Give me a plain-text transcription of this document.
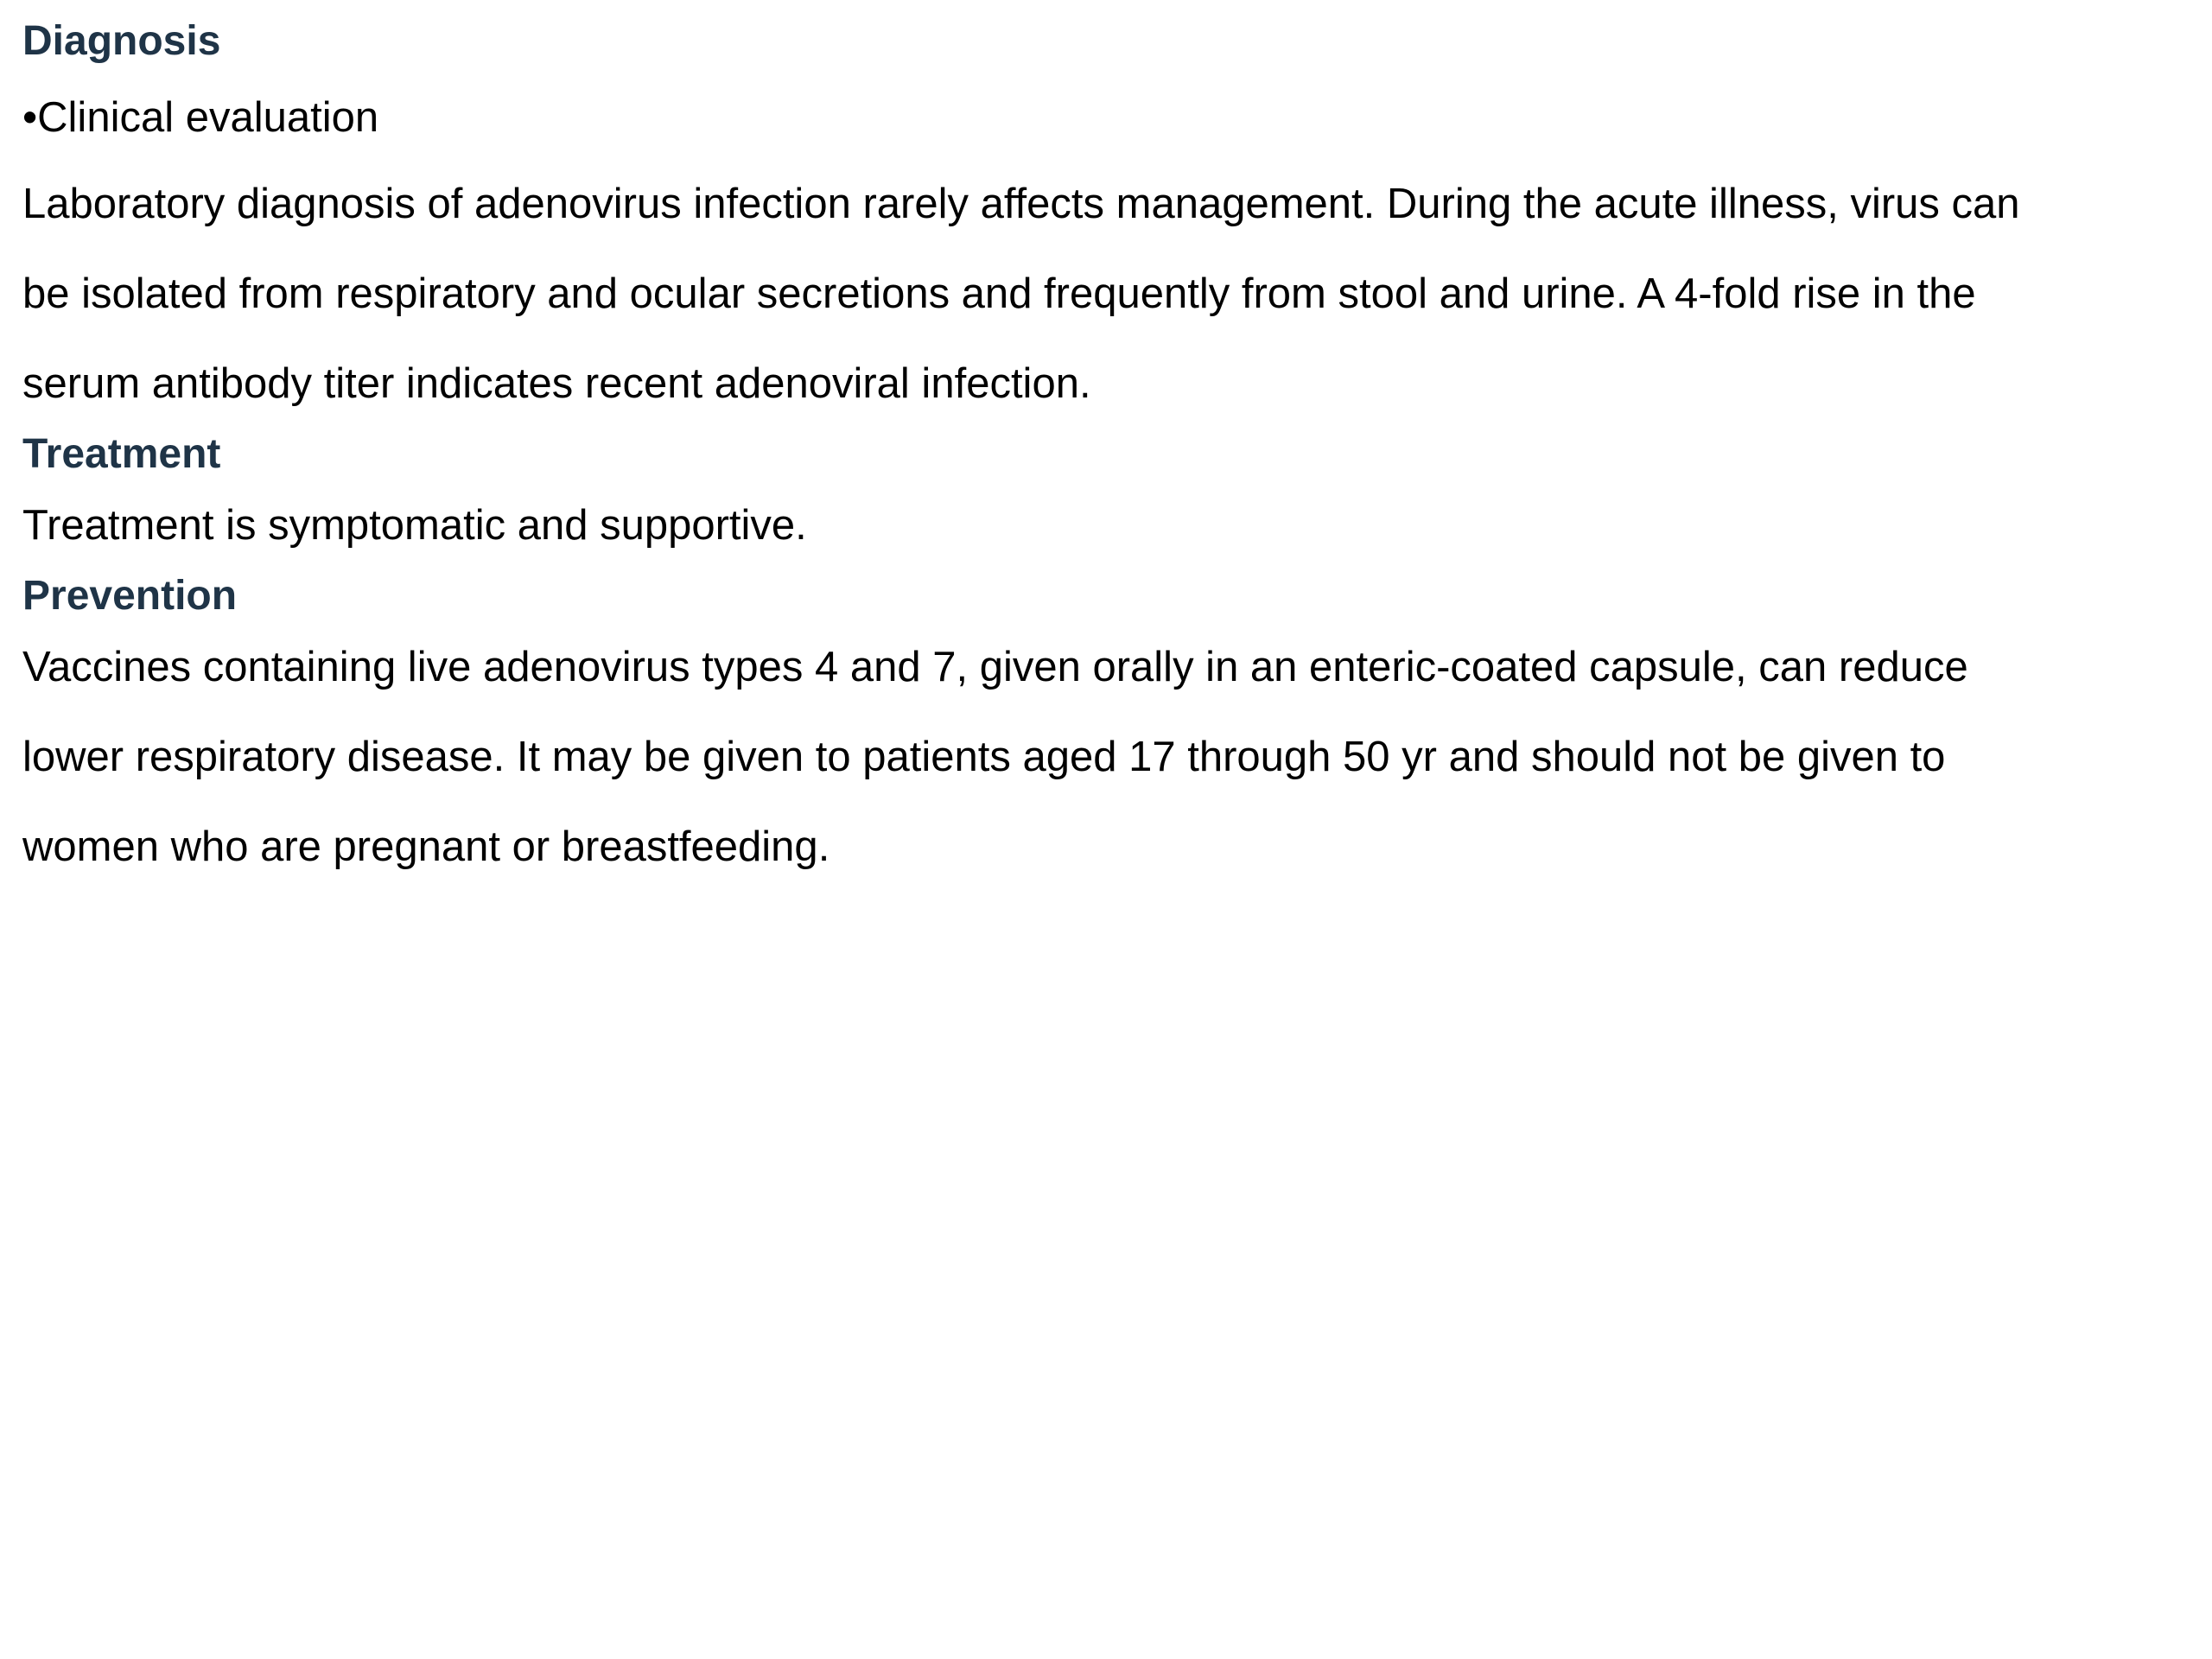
Diagnosis

•Clinical evaluation

Laboratory diagnosis of adenovirus infection rarely affects management. During the acute illness, virus can

be isolated from respiratory and ocular secretions and frequently from stool and urine. A 4-fold rise in the

serum antibody titer indicates recent adenoviral infection.

Treatment

Treatment is symptomatic and supportive.

Prevention

Vaccines containing live adenovirus types 4 and 7, given orally in an enteric-coated capsule, can reduce

lower respiratory disease. It may be given to patients aged 17 through 50 yr and should not be given to

women who are pregnant or breastfeeding.
